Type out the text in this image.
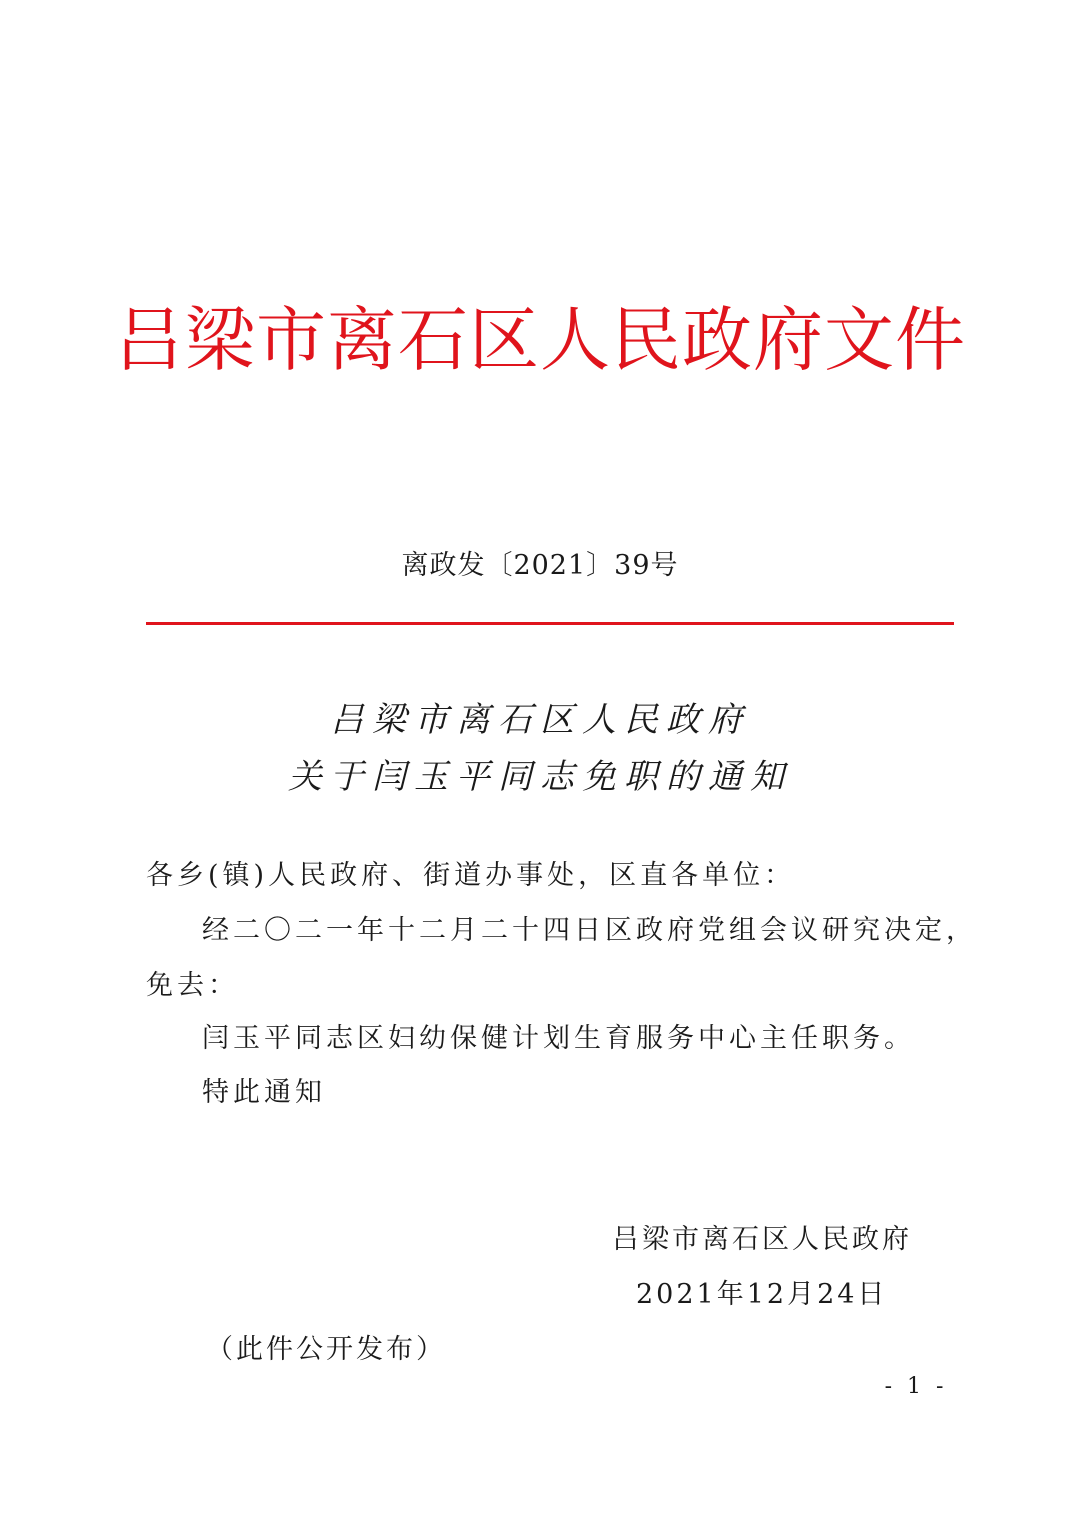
吕梁市离石区人民政府文件
离政发〔2021〕39号
吕梁市离石区人民政府
关于闫玉平同志免职的通知
各乡(镇)人民政府、街道办事处，区直各单位：
经二〇二一年十二月二十四日区政府党组会议研究决定，
免去：
闫玉平同志区妇幼保健计划生育服务中心主任职务。
特此通知
吕梁市离石区人民政府
2021年12月24日
（此件公开发布）
- 1 -
